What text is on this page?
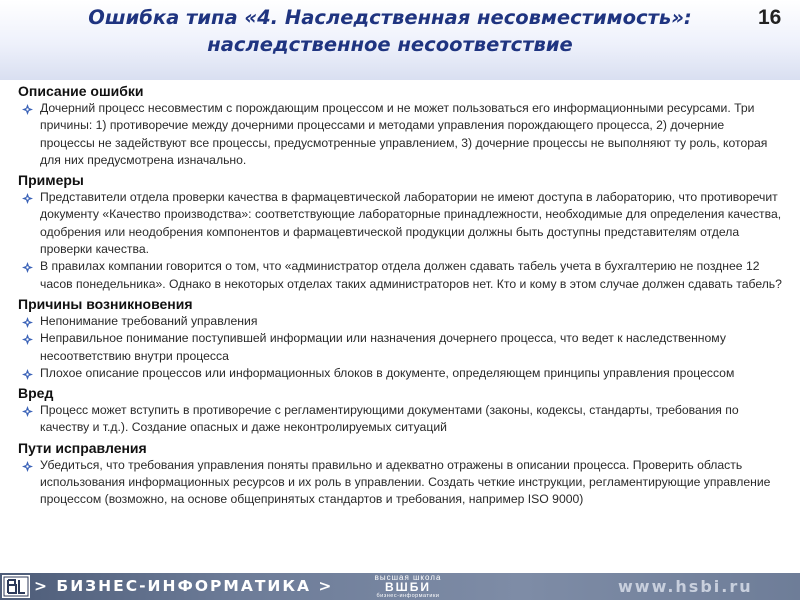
Ошибка типа «4. Наследственная несовместимость»: наследственное несоответствие
16
Описание ошибки
Дочерний процесс несовместим с порождающим процессом и не может пользоваться его информационными ресурсами. Три причины: 1) противоречие между дочерними процессами и методами управления порождающего процесса, 2) дочерние процессы не задействуют все процессы, предусмотренные управлением, 3) дочерние процессы не выполняют ту роль, которая для них предусмотрена изначально.
Примеры
Представители отдела проверки качества в фармацевтической лаборатории не имеют доступа в лабораторию, что противоречит документу «Качество производства»: соответствующие лабораторные принадлежности, необходимые для определения качества, одобрения или неодобрения компонентов и фармацевтической продукции должны быть доступны представителям отдела проверки качества.
В правилах компании говорится о том, что «администратор отдела должен сдавать табель учета в бухгалтерию не позднее 12 часов понедельника». Однако в некоторых отделах таких администраторов нет. Кто и кому в этом случае должен сдавать табель?
Причины возникновения
Непонимание требований управления
Неправильное понимание поступившей информации или назначения дочернего процесса, что ведет к наследственному несоответствию внутри процесса
Плохое описание процессов или информационных блоков в документе, определяющем принципы управления процессом
Вред
Процесс может вступить в противоречие с регламентирующими документами (законы, кодексы, стандарты, требования по качеству и т.д.). Создание опасных и даже неконтролируемых ситуаций
Пути исправления
Убедиться, что требования управления поняты правильно и адекватно отражены в описании процесса. Проверить область использования информационных ресурсов и их роль в управлении. Создать четкие инструкции, регламентирующие управление процессом (возможно, на основе общепринятых стандартов и требования, например ISO 9000)
> БИЗНЕС-ИНФОРМАТИКА >	высшая школа
ВШБИ
бизнес-информатики	www.hsbi.ru
